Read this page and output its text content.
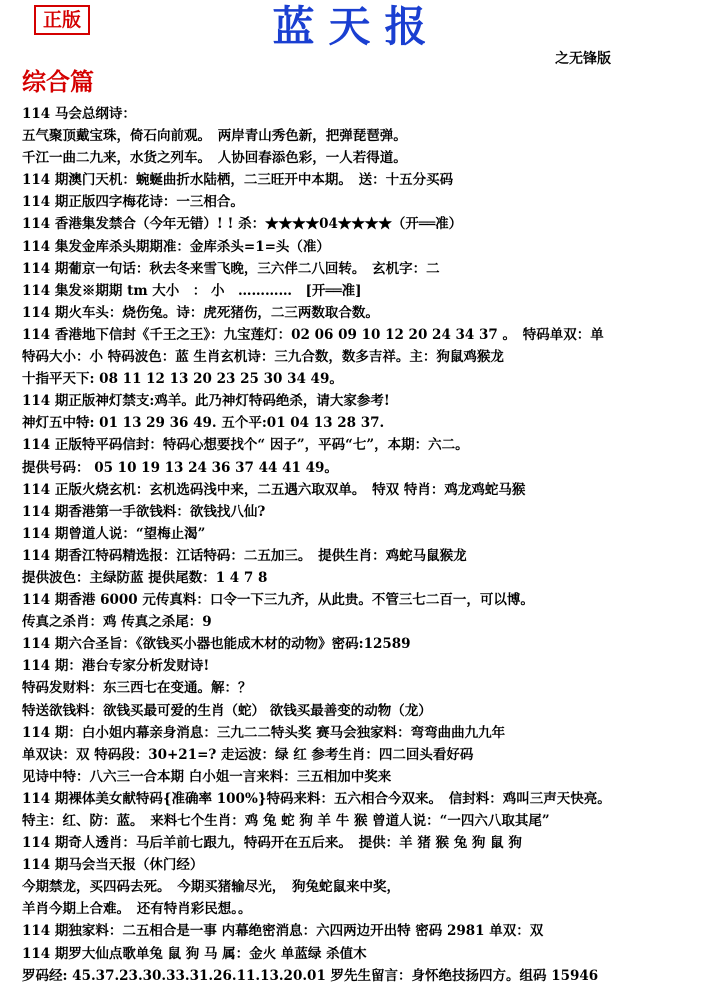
正版	蓝天报
之无锋版
综合篇
114 马会总纲诗：
五气聚顶戴宝珠，倚石向前观。　两岸青山秀色新，把弹琵琶弹。
千江一曲二九来，水货之列车。　人协回春添色彩，一人若得道。
114 期澳门天机：蜿蜒曲折水陆栖，二三旺开中本期。　送：十五分买码
114 期正版四字梅花诗：一三相合。
114 香港集发禁合（今年无错）! ! 杀：★★★★04★★★★（开══准）
114 集发金库杀头期期准：金库杀头=1=头（准）
114 期葡京一句话：秋去冬来雪飞晚，三六伴二八回转。　玄机字：二
114 集发※期期 tm 大小　： 小　…………　[开══准]
114 期火车头：烧伤兔。诗：虎死猪伤，二三两数取合数。
114 香港地下信封《千王之王》：九宝莲灯：02 06 09 10 12 20 24 34 37 。　特码单双：单
特码大小：小 特码波色：蓝 生肖玄机诗：三九合数，数多吉祥。主：狗鼠鸡猴龙
十指平天下: 08 11 12 13 20 23 25 30 34 49。
114 期正版神灯禁支:鸡羊。此乃神灯特码绝杀，请大家参考!
神灯五中特: 01 13 29 36 49. 五个平:01 04 13 28 37.
114 正版特平码信封：特码心想要找个“ 因子”，平码“七”，本期：六二。
提供号码： 05 10 19 13 24 36 37 44 41 49。
114 正版火烧玄机：玄机选码浅中来，二五遇六取双单。　特双 特肖：鸡龙鸡蛇马猴
114 期香港第一手欲钱料：欲钱找八仙?
114 期曾道人说：“望梅止渴”
114 期香江特码精选报：江话特码：二五加三。　提供生肖：鸡蛇马鼠猴龙
提供波色：主绿防蓝 提供尾数：1 4 7 8
114 期香港 6000 元传真料：口令一下三九齐，从此贵。不管三七二百一，可以博。
传真之杀肖：鸡 传真之杀尾：9
114 期六合圣旨：《欲钱买小器也能成木材的动物》密码:12589
114 期：港台专家分析发财诗!
特码发财料：东三西七在变通。解：？
特送欲钱料：欲钱买最可爱的生肖（蛇） 欲钱买最善变的动物（龙）
114 期：白小姐内幕亲身消息：三九二二特头奖 赛马会独家料：弯弯曲曲九九年
单双诀：双 特码段：30+21=? 走运波：绿 红 参考生肖：四二回头看好码
见诗中特：八六三一合本期 白小姐一言来料：三五相加中奖来
114 期裸体美女献特码{准确率 100%}特码来料：五六相合今双来。　信封料：鸡叫三声天快亮。
特主：红、防：蓝。　来料七个生肖：鸡 兔 蛇 狗 羊 牛 猴 曾道人说：“一四六八取其尾”
114 期奇人透肖：马后羊前七跟九，特码开在五后来。　提供：羊 猪 猴 兔 狗 鼠 狗
114 期马会当天报（休门经）
今期禁龙，买四码去死。　今期买猪输尽光，　狗兔蛇鼠来中奖，
羊肖今期上合难。　还有特肖彩民想。。
114 期独家料：二五相合是一事 内幕绝密消息：六四两边开出特 密码 2981 单双：双
114 期罗大仙点歌单兔 鼠 狗 马 属：金火 单蓝绿 杀值木
罗码经: 45.37.23.30.33.31.26.11.13.20.01 罗先生留言：身怀绝技扬四方。组码 15946
